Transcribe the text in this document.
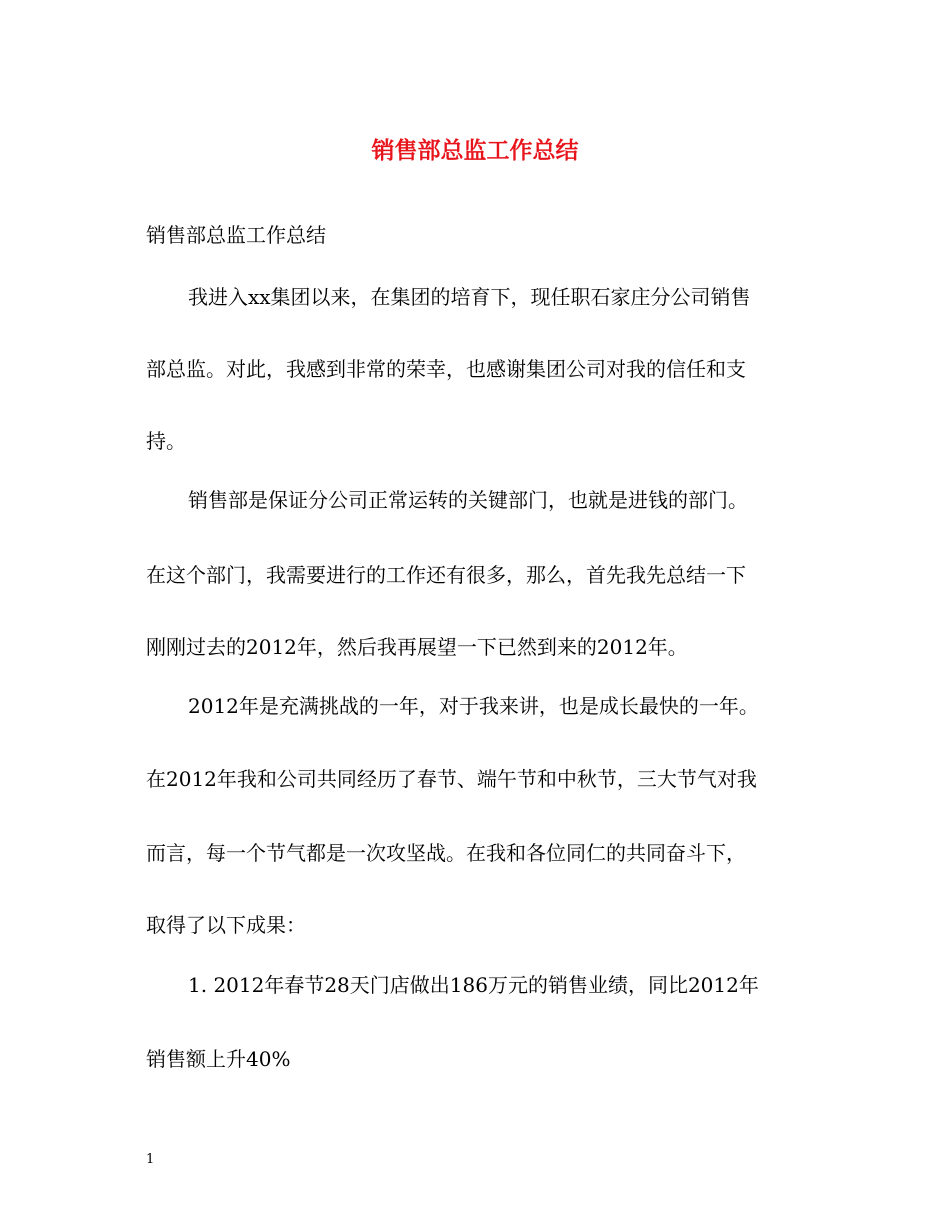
销售部总监工作总结
销售部总监工作总结
我进入xx集团以来，在集团的培育下，现任职石家庄分公司销售
部总监。对此，我感到非常的荣幸，也感谢集团公司对我的信任和支
持。
销售部是保证分公司正常运转的关键部门，也就是进钱的部门。
在这个部门，我需要进行的工作还有很多，那么，首先我先总结一下
刚刚过去的2012年，然后我再展望一下已然到来的2012年。
2012年是充满挑战的一年，对于我来讲，也是成长最快的一年。
在2012年我和公司共同经历了春节、端午节和中秋节，三大节气对我
而言，每一个节气都是一次攻坚战。在我和各位同仁的共同奋斗下，
取得了以下成果：
1. 2012年春节28天门店做出186万元的销售业绩，同比2012年
销售额上升40%
1
